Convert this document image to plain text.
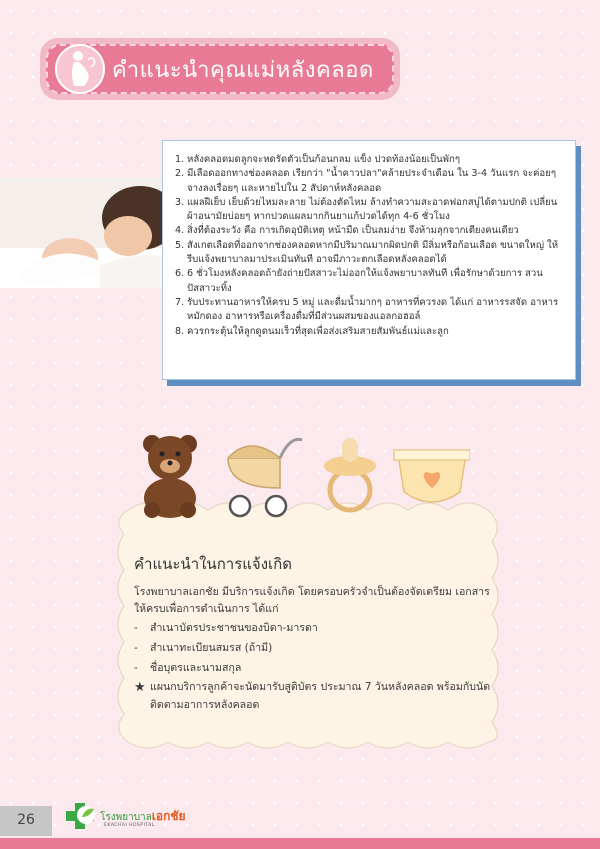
คำแนะนำคุณแม่หลังคลอด
1. หลังคลอดมดลูกจะหดรัดตัวเป็นก้อนกลม แข็ง ปวดท้องน้อยเป็นพักๆ
2. มีเลือดออกทางช่องคลอด เรียกว่า "น้ำคาวปลา"คล้ายประจำเดือน ใน 3-4 วันแรก จะค่อยๆ จางลงเรื่อยๆ และหายไปใน 2 สัปดาห์หลังคลอด
3. แผลฝีเย็บ เย็บด้วยไหมละลาย ไม่ต้องตัดไหม ล้างทำความสะอาดฟอกสบู่ได้ตามปกติ เปลี่ยนผ้าอนามัยบ่อยๆ หากปวดแผลมากกินยาแก้ปวดได้ทุก 4-6 ชั่วโมง
4. สิ่งที่ต้องระวัง คือ การเกิดอุบัติเหตุ หน้ามืด เป็นลมง่าย จึงห้ามลุกจากเตียงคนเดียว
5. สังเกตเลือดที่ออกจากช่องคลอดหากมีปริมาณมากผิดปกติ มีลิ่มหรือก้อนเลือด ขนาดใหญ่ ให้รีบแจ้งพยาบาลมาประเมินทันที อาจมีภาวะตกเลือดหลังคลอดได้
6. 6 ชั่วโมงหลังคลอดถ้ายังถ่ายปัสสาวะไม่ออกให้แจ้งพยาบาลทันที เพื่อรักษาด้วยการ สวนปัสสาวะทิ้ง
7. รับประทานอาหารให้ครบ 5 หมู่ และดื่มน้ำมากๆ อาหารที่ควรงด ได้แก่ อาหารรสจัด อาหารหมักดอง อาหารหรือเครื่องดื่มที่มีส่วนผสมของแอลกอฮอล์
8. ควรกระตุ้นให้ลูกดูดนมเร็วที่สุดเพื่อส่งเสริมสายสัมพันธ์แม่และลูก
คำแนะนำในการแจ้งเกิด
โรงพยาบาลเอกชัย มีบริการแจ้งเกิด โดยครอบครัวจำเป็นต้องจัดเตรียม เอกสารให้ครบเพื่อการดำเนินการ ได้แก่
- สำเนาบัตรประชาชนของบิดา-มารดา
- สำเนาทะเบียนสมรส (ถ้ามี)
- ชื่อบุตรและนามสกุล
★ แผนกบริการลูกค้าจะนัดมารับสูติบัตร ประมาณ 7 วันหลังคลอด พร้อมกับนัดติดตามอาการหลังคลอด
26	โรงพยาบาลเอกชัย
EKACHAI HOSPITAL
